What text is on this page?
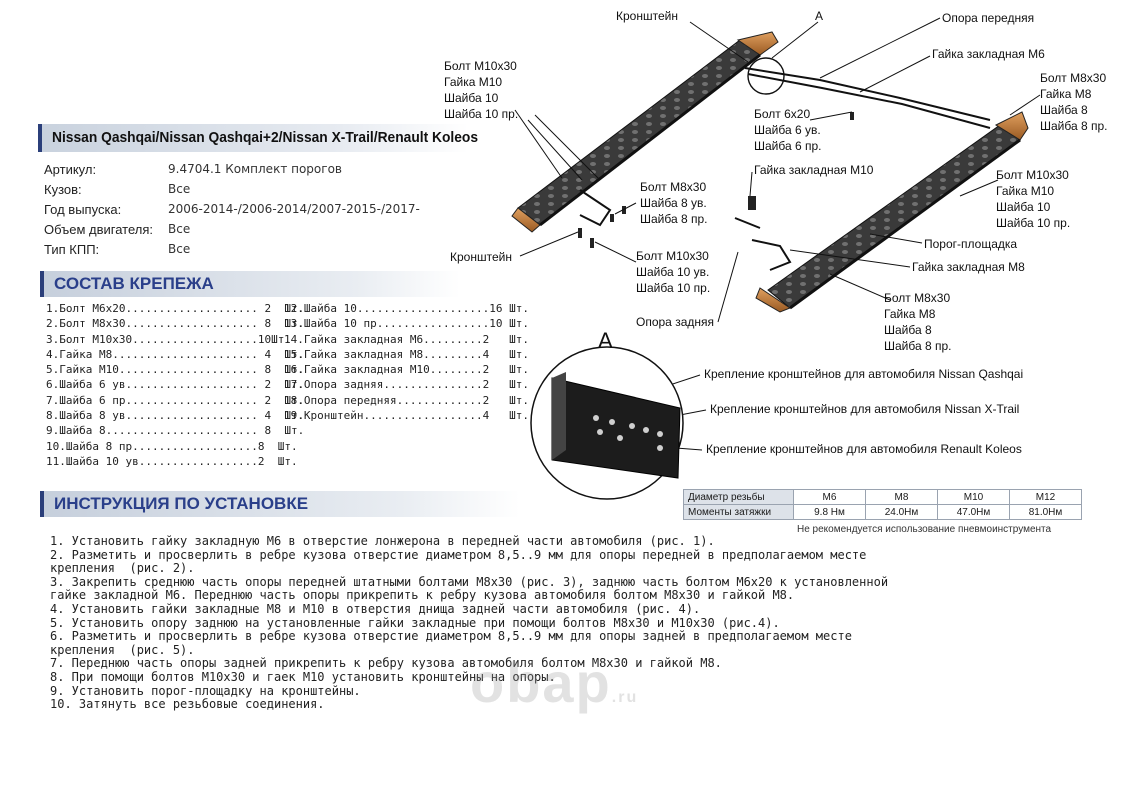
Nissan Qashqai/Nissan Qashqai+2/Nissan X-Trail/Renault Koleos
Артикул:	9.4704.1 Комплект порогов
Кузов:	Все
Год выпуска:	2006-2014-/2006-2014/2007-2015-/2017-
Объем двигателя: Все
Тип КПП:	Все
СОСТАВ КРЕПЕЖА
1.Болт М6х20.................... 2  Шт.
2.Болт М8х30.................... 8  Шт.
3.Болт М10х30...................10Шт.
4.Гайка М8...................... 4  Шт.
5.Гайка М10..................... 8  Шт.
6.Шайба 6 ув.................... 2  Шт.
7.Шайба 6 пр.................... 2  Шт.
8.Шайба 8 ув.................... 4  Шт.
9.Шайба 8....................... 8  Шт.
10.Шайба 8 пр...................8  Шт.
11.Шайба 10 ув..................2  Шт.
12.Шайба 10....................16 Шт.
13.Шайба 10 пр.................10 Шт.
14.Гайка закладная М6.........2   Шт.
15.Гайка закладная М8.........4   Шт.
16.Гайка закладная М10........2   Шт.
17.Опора задняя...............2   Шт.
18.Опора передняя.............2   Шт.
19.Кронштейн..................4   Шт.
ИНСТРУКЦИЯ ПО УСТАНОВКЕ
1. Установить гайку закладную М6 в отверстие лонжерона в передней части автомобиля (рис. 1).
2. Разметить и просверлить в ребре кузова отверстие диаметром 8,5..9 мм для опоры передней в предполагаемом месте
крепления  (рис. 2).
3. Закрепить среднюю часть опоры передней штатными болтами М8х30 (рис. 3), заднюю часть болтом М6х20 к установленной
гайке закладной М6. Переднюю часть опоры прикрепить к ребру кузова автомобиля болтом М8х30 и гайкой М8.
4. Установить гайки закладные М8 и М10 в отверстия днища задней части автомобиля (рис. 4).
5. Установить опору заднюю на установленные гайки закладные при помощи болтов М8х30 и М10х30 (рис.4).
6. Разметить и просверлить в ребре кузова отверстие диаметром 8,5..9 мм для опоры задней в предполагаемом месте
крепления  (рис. 5).
7. Переднюю часть опоры задней прикрепить к ребру кузова автомобиля болтом М8х30 и гайкой М8.
8. При помощи болтов М10х30 и гаек М10 установить кронштейны на опоры.
9. Установить порог-площадку на кронштейны.
10. Затянуть все резьбовые соединения.
Кронштейн	А	Опора передняя
Гайка закладная М6
Болт М10х30
Гайка М10
Шайба 10
Шайба 10 пр.
Болт М8х30
Гайка М8
Шайба 8
Шайба 8 пр.
Болт 6х20
Шайба 6 ув.
Шайба 6 пр.
Гайка закладная М10	Болт М10х30
Гайка М10
Шайба 10
Шайба 10 пр.
Болт М8х30
Шайба 8 ув.
Шайба 8 пр.
Порог-площадка
Кронштейн	Болт М10х30
Шайба 10 ув.
Шайба 10 пр.
Гайка закладная М8
Болт М8х30
Гайка М8
Шайба 8
Шайба 8 пр.
Опора задняя
А
Крепление кронштейнов для автомобиля Nissan Qashqai
Крепление кронштейнов для автомобиля Nissan X-Trail
Крепление кронштейнов для автомобиля Renault Koleos
Диаметр резьбы	М6	М8	М10	М12
Моменты затяжки	9.8 Нм	24.0Нм	47.0Нм	81.0Нм
Не рекомендуется использование пневмоинструмента
obap.ru
